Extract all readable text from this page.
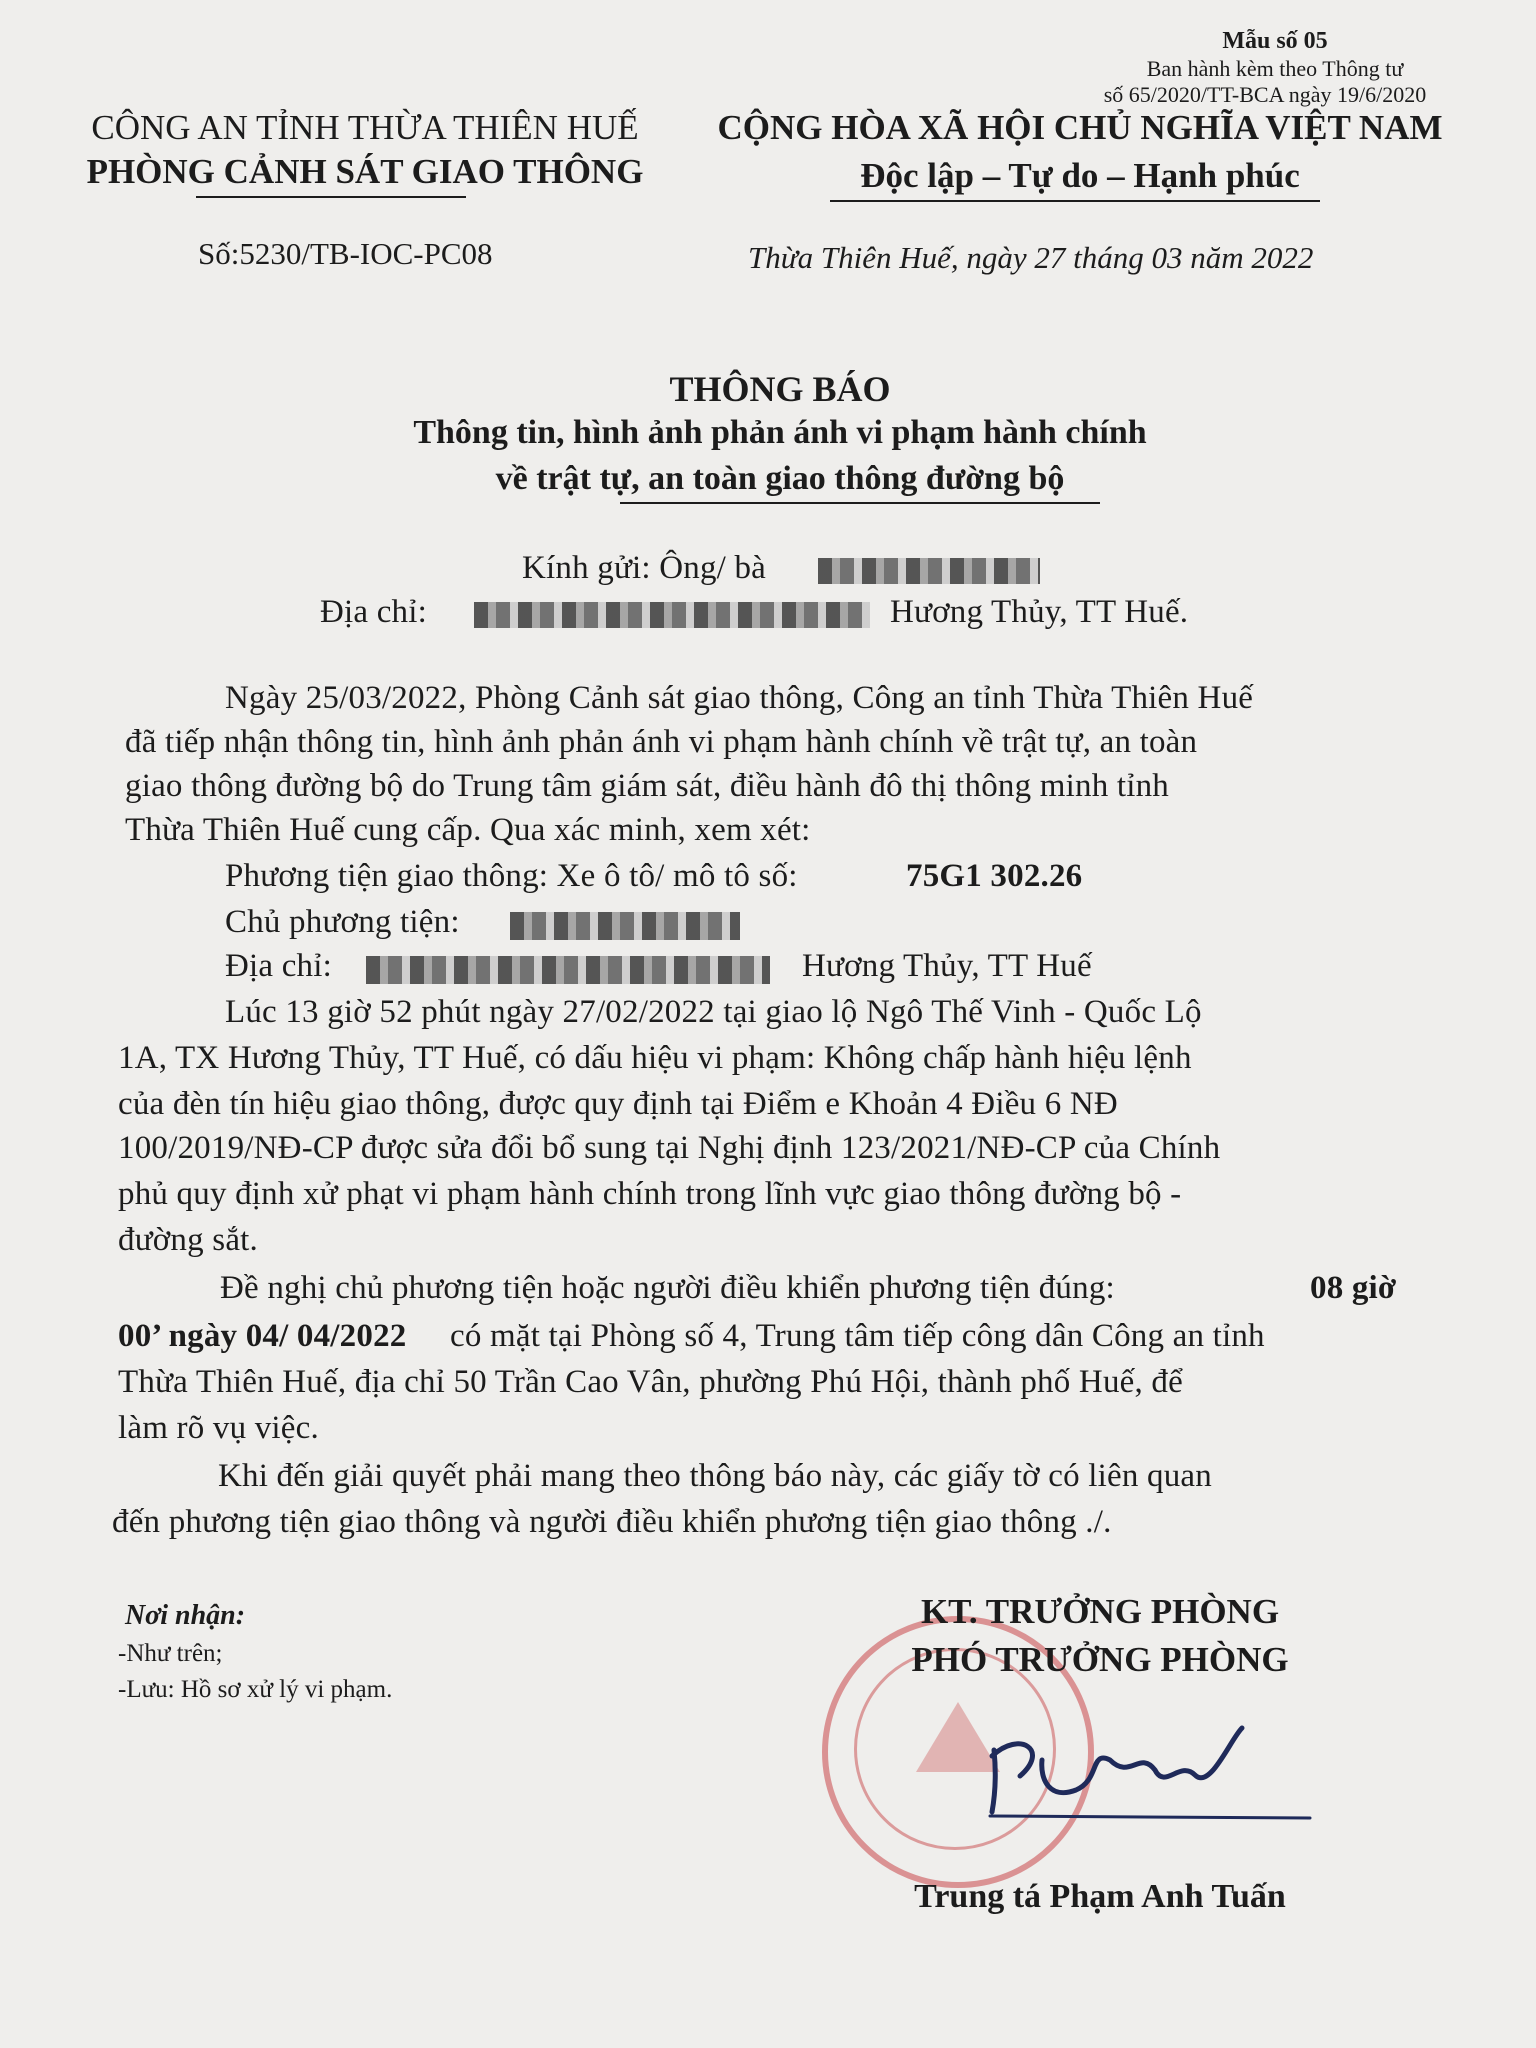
Mẫu số 05
Ban hành kèm theo Thông tư
số 65/2020/TT-BCA ngày 19/6/2020
CÔNG AN TỈNH THỪA THIÊN HUẾ
PHÒNG CẢNH SÁT GIAO THÔNG
Số:5230/TB-IOC-PC08
CỘNG HÒA XÃ HỘI CHỦ NGHĨA VIỆT NAM
Độc lập – Tự do – Hạnh phúc
Thừa Thiên Huế, ngày 27 tháng 03 năm 2022
THÔNG BÁO
Thông tin, hình ảnh phản ánh vi phạm hành chính
về trật tự, an toàn giao thông đường bộ
Kính gửi: Ông/ bà
Địa chỉ:	Hương Thủy, TT Huế.
Ngày 25/03/2022, Phòng Cảnh sát giao thông, Công an tỉnh Thừa Thiên Huế
đã tiếp nhận thông tin, hình ảnh phản ánh vi phạm hành chính về trật tự, an toàn
giao thông đường bộ do Trung tâm giám sát, điều hành đô thị thông minh tỉnh
Thừa Thiên Huế cung cấp. Qua xác minh, xem xét:
Phương tiện giao thông: Xe ô tô/ mô tô số:	75G1 302.26
Chủ phương tiện:
Địa chỉ:	Hương Thủy, TT Huế
Lúc 13 giờ 52 phút ngày 27/02/2022 tại giao lộ Ngô Thế Vinh - Quốc Lộ
1A, TX Hương Thủy, TT Huế, có dấu hiệu vi phạm: Không chấp hành hiệu lệnh
của đèn tín hiệu giao thông, được quy định tại Điểm e Khoản 4 Điều 6 NĐ
100/2019/NĐ-CP được sửa đổi bổ sung tại Nghị định 123/2021/NĐ-CP của Chính
phủ quy định xử phạt vi phạm hành chính trong lĩnh vực giao thông đường bộ -
đường sắt.
Đề nghị chủ phương tiện hoặc người điều khiển phương tiện đúng:	08 giờ
00’ ngày 04/ 04/2022 có mặt tại Phòng số 4, Trung tâm tiếp công dân Công an tỉnh
Thừa Thiên Huế, địa chỉ 50 Trần Cao Vân, phường Phú Hội, thành phố Huế, để
làm rõ vụ việc.
Khi đến giải quyết phải mang theo thông báo này, các giấy tờ có liên quan
đến phương tiện giao thông và người điều khiển phương tiện giao thông ./.
Nơi nhận:
-Như trên;
-Lưu: Hồ sơ xử lý vi phạm.
KT. TRƯỞNG PHÒNG
PHÓ TRƯỞNG PHÒNG
Trung tá Phạm Anh Tuấn
